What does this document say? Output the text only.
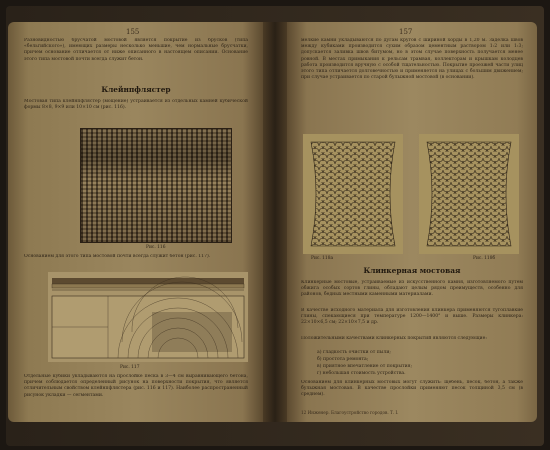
155
Разновидностью брусчатой мостовой является покрытие из брусков (типа «бельгийского»), имеющих размеры несколько меньшие, чем нормальные брусчатки, причем основание отличается от ниже описанного в настоящем описании. Основание этого типа мостовой почти всегда служит бетон.
Клейнпфлястер
Мостовая типа клейнпфлястер (мощение) устраивается из отдельных камней кубической формы 8×8, 9×9 или 10×10 см (рис. 116).
Рис. 116
Основанием для этого типа мостовой почти всегда служит бетон (рис. 117).
Рис. 117
Отдельные кубики укладываются на прослойке песка в 3—4 см выравнивающего бетона, причем соблюдается определенный рисунок на поверхности покрытия, что является отличительным свойством клейнпфлястера (рис. 116 и 117). Наиболее распространенный рисунок укладки — сегментами.
157
мелкие камни укладываются по дугам кругов с шириной хорды в 1,20 м. Заделка швов между кубиками производится сухим образом цементным раствором 1:2 или 1:3; допускается заливка швов битумом, но в этом случае поверхность получается менее ровной. В местах примыкания к рельсам трамвая, коллекторам и крышкам колодцев работа производится вручную с особой тщательностью. Покрытие проезжей части улиц этого типа отличается долговечностью и применяется на улицах с большим движением; при случае устраивается по старой булыжной мостовой (в основании).
Рис. 118а	Рис. 118б
Клинкерная мостовая
Клинкерные мостовые, устраиваемые из искусственного камня, изготовляемого путем обжига особых сортов глины, обладают целым рядом преимуществ, особенно для районов, бедных местными каменными материалами.
В качестве исходного материала для изготовления клинкера применяются тугоплавкие глины, спекающиеся при температуре 1200—1400° и выше. Размеры клинкера: 22×10×6,5 см; 22×10×7,5 и др.
Положительными качествами клинкерных покрытий являются следующие:
а) гладкость очистки от пыли;
б) простота ремонта;
в) приятное впечатление от покрытия;
г) небольшая стоимость устройства.
Основанием для клинкерных мостовых могут служить: щебень, песок, бетон, а также булыжная мостовая. В качестве прослойки применяют песок толщиной 3,5 см (в среднем).
12 Инженер. Благоустройство городов. Т. I.
